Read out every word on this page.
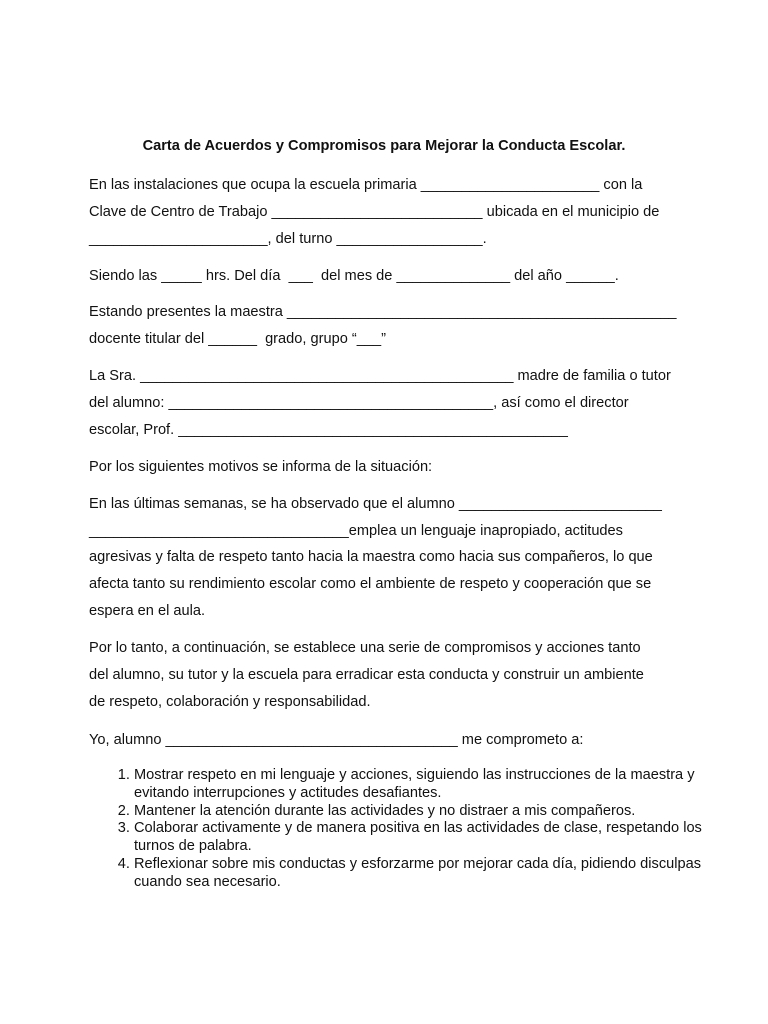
Carta de Acuerdos y Compromisos para Mejorar la Conducta Escolar.

En las instalaciones que ocupa la escuela primaria ______________________ con la

Clave de Centro de Trabajo __________________________ ubicada en el municipio de

______________________, del turno __________________.

Siendo las _____ hrs. Del día  ___  del mes de ______________ del año ______.

Estando presentes la maestra ________________________________________________

docente titular del ______  grado, grupo “___”

La Sra. ______________________________________________ madre de familia o tutor

del alumno: ________________________________________, así como el director

escolar, Prof. ________________________________________________

Por los siguientes motivos se informa de la situación:

En las últimas semanas, se ha observado que el alumno _________________________

________________________________emplea un lenguaje inapropiado, actitudes

agresivas y falta de respeto tanto hacia la maestra como hacia sus compañeros, lo que

afecta tanto su rendimiento escolar como el ambiente de respeto y cooperación que se

espera en el aula.

Por lo tanto, a continuación, se establece una serie de compromisos y acciones tanto

del alumno, su tutor y la escuela para erradicar esta conducta y construir un ambiente

de respeto, colaboración y responsabilidad.

Yo, alumno ____________________________________ me comprometo a:

1. Mostrar respeto en mi lenguaje y acciones, siguiendo las instrucciones de la maestra y evitando interrupciones y actitudes desafiantes.
2. Mantener la atención durante las actividades y no distraer a mis compañeros.
3. Colaborar activamente y de manera positiva en las actividades de clase, respetando los turnos de palabra.
4. Reflexionar sobre mis conductas y esforzarme por mejorar cada día, pidiendo disculpas cuando sea necesario.
